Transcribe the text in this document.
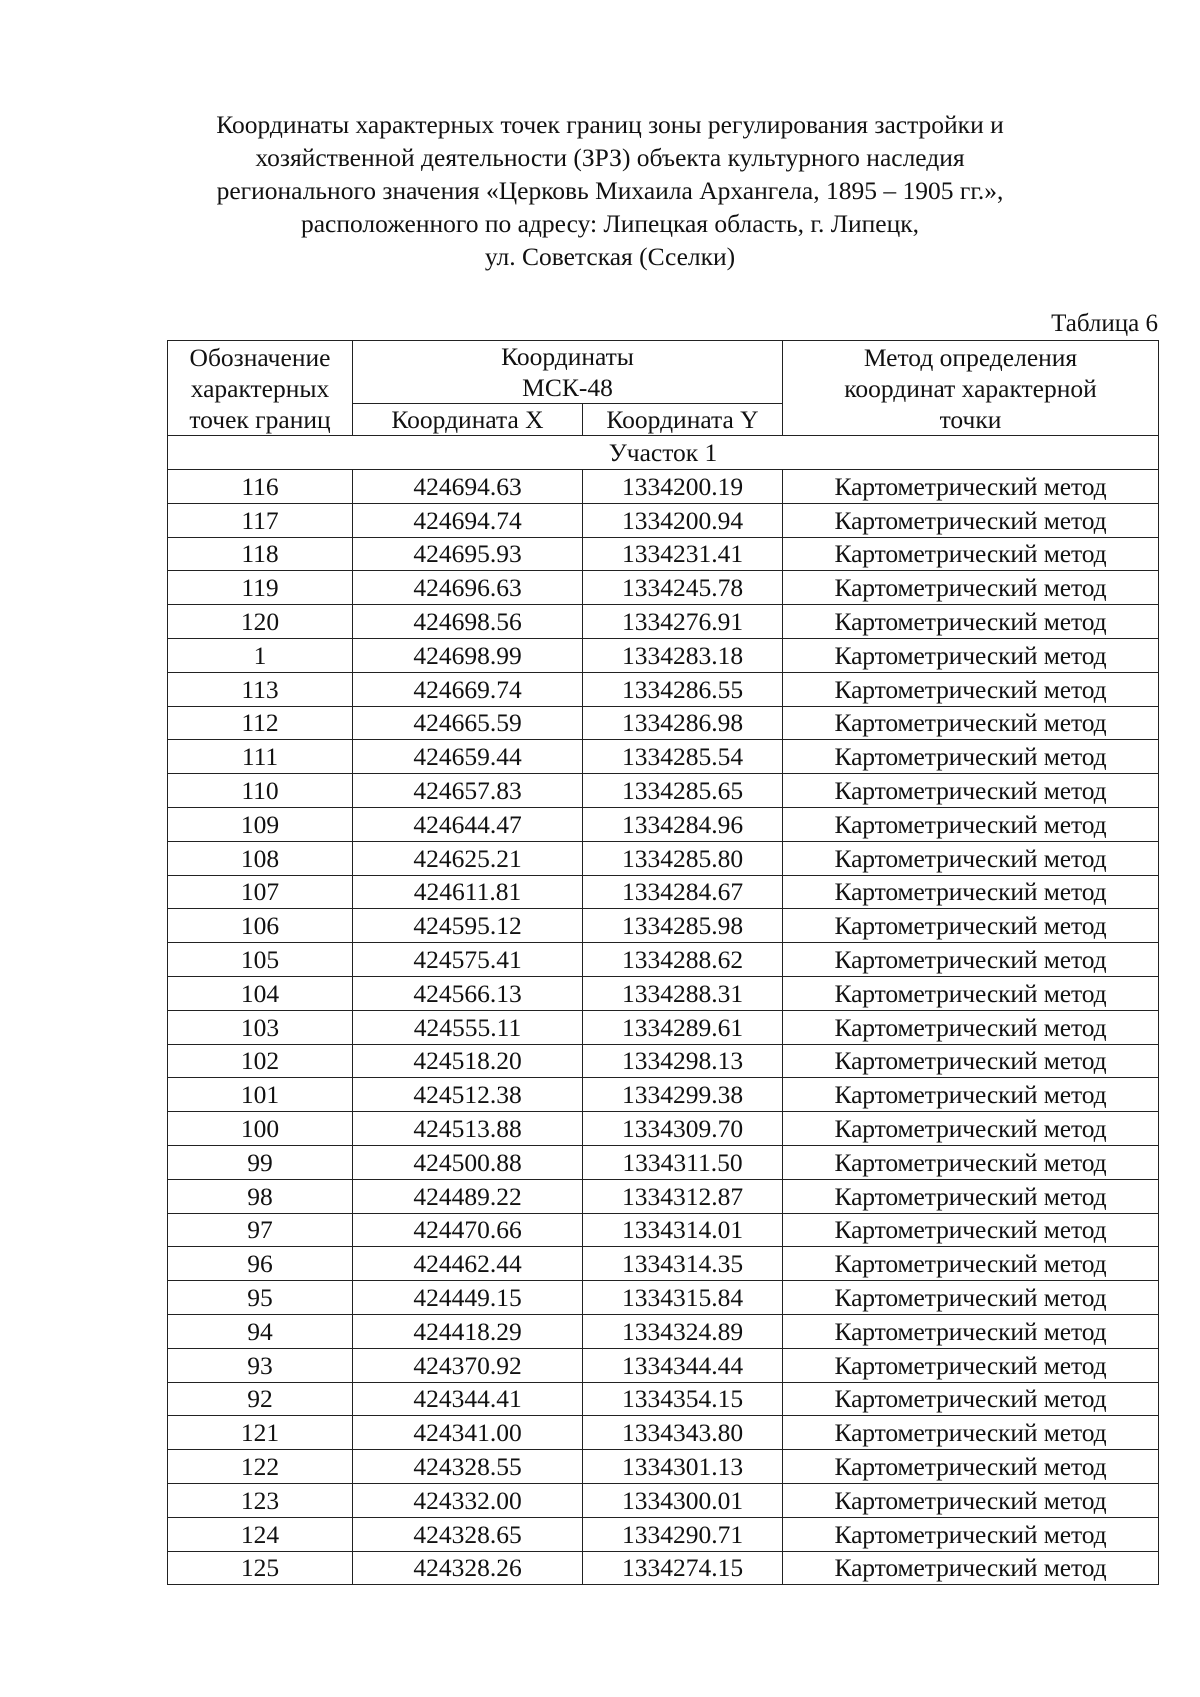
Координаты характерных точек границ зоны регулирования застройки и
хозяйственной деятельности (ЗРЗ) объекта культурного наследия
регионального значения «Церковь Михаила Архангела, 1895 – 1905 гг.»,
расположенного по адресу: Липецкая область, г. Липецк,
ул. Советская (Сселки)
Таблица 6
Обозначение характерных точек границ	Координаты МСК-48		Метод определения координат характерной точки
	Координата X	Координата Y	
Участок 1			
116	424694.63	1334200.19	Картометрический метод
117	424694.74	1334200.94	Картометрический метод
118	424695.93	1334231.41	Картометрический метод
119	424696.63	1334245.78	Картометрический метод
120	424698.56	1334276.91	Картометрический метод
1	424698.99	1334283.18	Картометрический метод
113	424669.74	1334286.55	Картометрический метод
112	424665.59	1334286.98	Картометрический метод
111	424659.44	1334285.54	Картометрический метод
110	424657.83	1334285.65	Картометрический метод
109	424644.47	1334284.96	Картометрический метод
108	424625.21	1334285.80	Картометрический метод
107	424611.81	1334284.67	Картометрический метод
106	424595.12	1334285.98	Картометрический метод
105	424575.41	1334288.62	Картометрический метод
104	424566.13	1334288.31	Картометрический метод
103	424555.11	1334289.61	Картометрический метод
102	424518.20	1334298.13	Картометрический метод
101	424512.38	1334299.38	Картометрический метод
100	424513.88	1334309.70	Картометрический метод
99	424500.88	1334311.50	Картометрический метод
98	424489.22	1334312.87	Картометрический метод
97	424470.66	1334314.01	Картометрический метод
96	424462.44	1334314.35	Картометрический метод
95	424449.15	1334315.84	Картометрический метод
94	424418.29	1334324.89	Картометрический метод
93	424370.92	1334344.44	Картометрический метод
92	424344.41	1334354.15	Картометрический метод
121	424341.00	1334343.80	Картометрический метод
122	424328.55	1334301.13	Картометрический метод
123	424332.00	1334300.01	Картометрический метод
124	424328.65	1334290.71	Картометрический метод
125	424328.26	1334274.15	Картометрический метод
